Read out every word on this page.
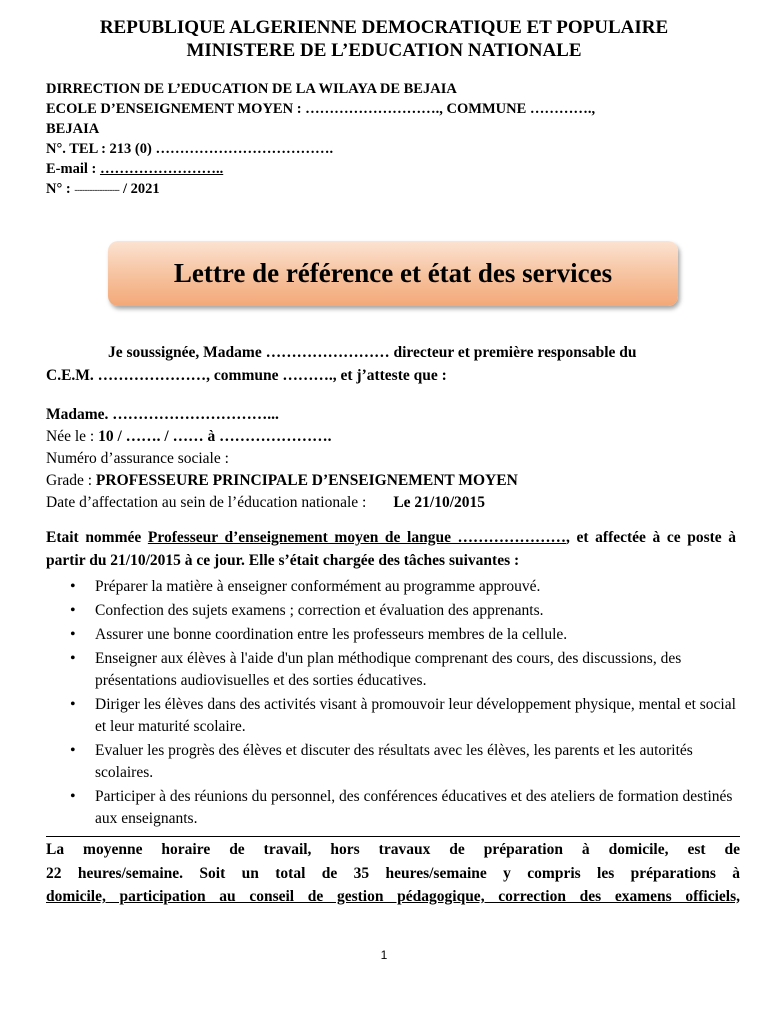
REPUBLIQUE ALGERIENNE DEMOCRATIQUE ET POPULAIRE
MINISTERE DE L’EDUCATION NATIONALE
DIRRECTION DE L’EDUCATION DE LA WILAYA DE BEJAIA
ECOLE D’ENSEIGNEMENT MOYEN : ………………………., COMMUNE ………….,
BEJAIA
N°. TEL : 213 (0) ……………………………….
E-mail : ……………………..
N° : ------------------ / 2021
Lettre de référence et état des services
Je soussignée, Madame …………………… directeur et première responsable du
C.E.M. …………………, commune ………., et j’atteste que :
Madame. …………………………...
Née le : 10 / ……. / …… à ………………….
Numéro d’assurance sociale :
Grade : PROFESSEURE PRINCIPALE D’ENSEIGNEMENT MOYEN
Date d’affectation au sein de l’éducation nationale : Le 21/10/2015
Etait nommée Professeur d’enseignement moyen de langue …………………, et affectée à ce poste à partir du 21/10/2015 à ce jour. Elle s’était chargée des tâches suivantes :
• Préparer la matière à enseigner conformément au programme approuvé.
• Confection des sujets examens ; correction et évaluation des apprenants.
• Assurer une bonne coordination entre les professeurs membres de la cellule.
• Enseigner aux élèves à l'aide d'un plan méthodique comprenant des cours, des discussions, des présentations audiovisuelles et des sorties éducatives.
• Diriger les élèves dans des activités visant à promouvoir leur développement physique, mental et social et leur maturité scolaire.
• Evaluer les progrès des élèves et discuter des résultats avec les élèves, les parents et les autorités scolaires.
• Participer à des réunions du personnel, des conférences éducatives et des ateliers de formation destinés aux enseignants.
La moyenne horaire de travail, hors travaux de préparation à domicile, est de
22 heures/semaine. Soit un total de 35 heures/semaine y compris les préparations à
domicile, participation au conseil de gestion pédagogique, correction des examens officiels,
1
